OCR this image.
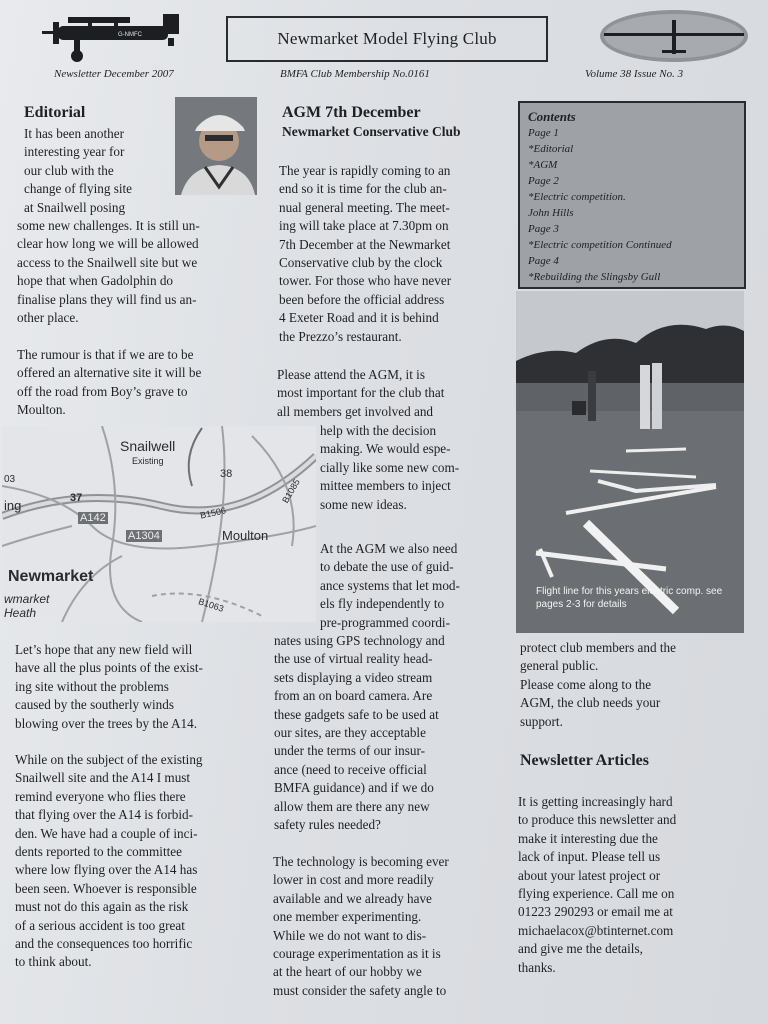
G-NMFC	Newmarket Model Flying Club
Newsletter December 2007	BMFA Club Membership No.0161	Volume 38 Issue No. 3
Editorial
It has been another
interesting year for
our club with the
change of flying site
at Snailwell posing
some new challenges. It is still un-
clear how long we will be allowed
access to the Snailwell site but we
hope that when Gadolphin do
finalise plans they will find us an-
other place.
The rumour is that if we are to be
offered an alternative site it will be
off the road from Boy’s grave to
Moulton.
Snailwell
Existing
38
03
37
ing
A142
A1304
B1506
B1085
Moulton
Newmarket
wmarket
Heath	B1063
Let’s hope that any new field will
have all the plus points of the exist-
ing site without the problems
caused by the southerly winds
blowing over the trees by the A14.
While on the subject of the existing
Snailwell site and the A14 I must
remind everyone who flies there
that flying over the A14 is forbid-
den. We have had a couple of inci-
dents reported to the committee
where low flying over the A14 has
been seen. Whoever is responsible
must not do this again as the risk
of a serious accident is too great
and the consequences too horrific
to think about.
AGM 7th December
Newmarket Conservative Club
The year is rapidly coming to an
end so it is time for the club an-
nual general meeting. The meet-
ing will take place at 7.30pm on
7th December at the Newmarket
Conservative club by the clock
tower. For those who have never
been before the official address
4 Exeter Road and it is behind
the Prezzo’s restaurant.
Please attend the AGM, it is
most important for the club that
all members get involved and
help with the decision
making. We would espe-
cially like some new com-
mittee members to inject
some new ideas.
At the AGM we also need
to debate the use of guid-
ance systems that let mod-
els fly independently to
pre-programmed coordi-
nates using GPS technology and
the use of virtual reality head-
sets displaying a video stream
from an on board camera. Are
these gadgets safe to be used at
our sites, are they acceptable
under the terms of our insur-
ance (need to receive official
BMFA guidance) and if we do
allow them are there any new
safety rules needed?
The technology is becoming ever
lower in cost and more readily
available and we already have
one member experimenting.
While we do not want to dis-
courage experimentation as it is
at the heart of our hobby we
must consider the safety angle to
Contents
Page 1
*Editorial
*AGM
Page 2
*Electric competition.
John Hills
Page 3
*Electric competition Continued
Page 4
*Rebuilding the Slingsby Gull
Flight line for this years electric comp. see pages 2-3 for details
protect club members and the
general public.
Please come along to the
AGM, the club needs your
support.
Newsletter Articles
It is getting increasingly hard
to produce this newsletter and
make it interesting due the
lack of input. Please tell us
about your latest project or
flying experience. Call me on
01223 290293 or email me at
michaelacox@btinternet.com
and give me the details,
thanks.
